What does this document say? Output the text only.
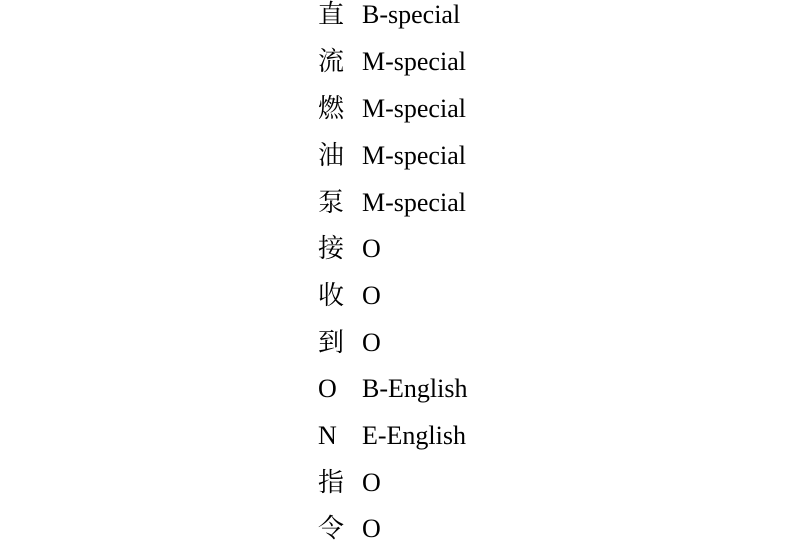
直 B-special
流 M-special
燃 M-special
油 M-special
泵 M-special
接 O
收 O
到 O
O B-English
N E-English
指 O
令 O
